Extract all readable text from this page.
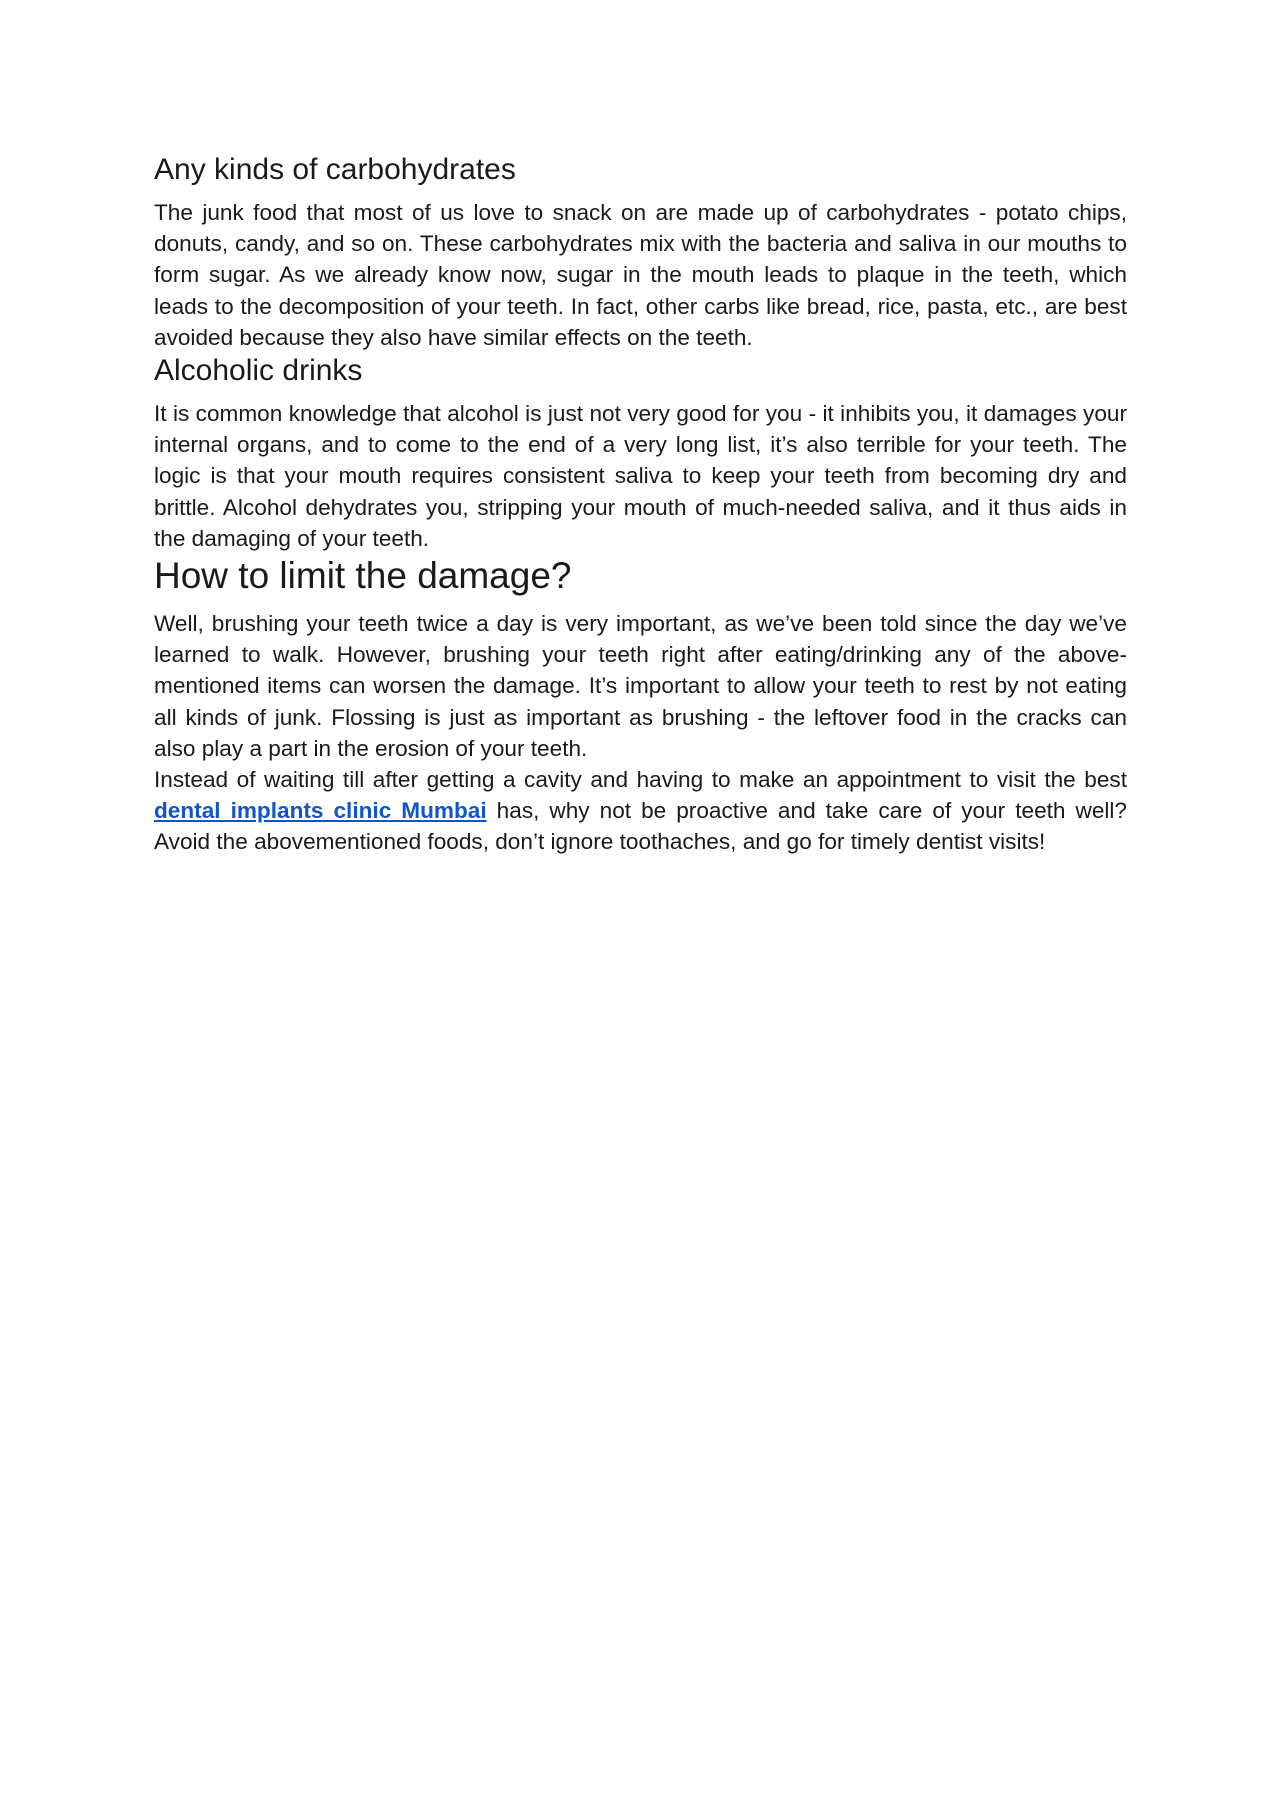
Any kinds of carbohydrates

The junk food that most of us love to snack on are made up of carbohydrates - potato chips, donuts, candy, and so on. These carbohydrates mix with the bacteria and saliva in our mouths to form sugar. As we already know now, sugar in the mouth leads to plaque in the teeth, which leads to the decomposition of your teeth. In fact, other carbs like bread, rice, pasta, etc., are best avoided because they also have similar effects on the teeth.

Alcoholic drinks

It is common knowledge that alcohol is just not very good for you - it inhibits you, it damages your internal organs, and to come to the end of a very long list, it’s also terrible for your teeth. The logic is that your mouth requires consistent saliva to keep your teeth from becoming dry and brittle. Alcohol dehydrates you, stripping your mouth of much-needed saliva, and it thus aids in the damaging of your teeth.

How to limit the damage?

Well, brushing your teeth twice a day is very important, as we’ve been told since the day we’ve learned to walk. However, brushing your teeth right after eating/drinking any of the above-mentioned items can worsen the damage. It’s important to allow your teeth to rest by not eating all kinds of junk. Flossing is just as important as brushing - the leftover food in the cracks can also play a part in the erosion of your teeth.

Instead of waiting till after getting a cavity and having to make an appointment to visit the best dental implants clinic Mumbai has, why not be proactive and take care of your teeth well? Avoid the abovementioned foods, don’t ignore toothaches, and go for timely dentist visits!
